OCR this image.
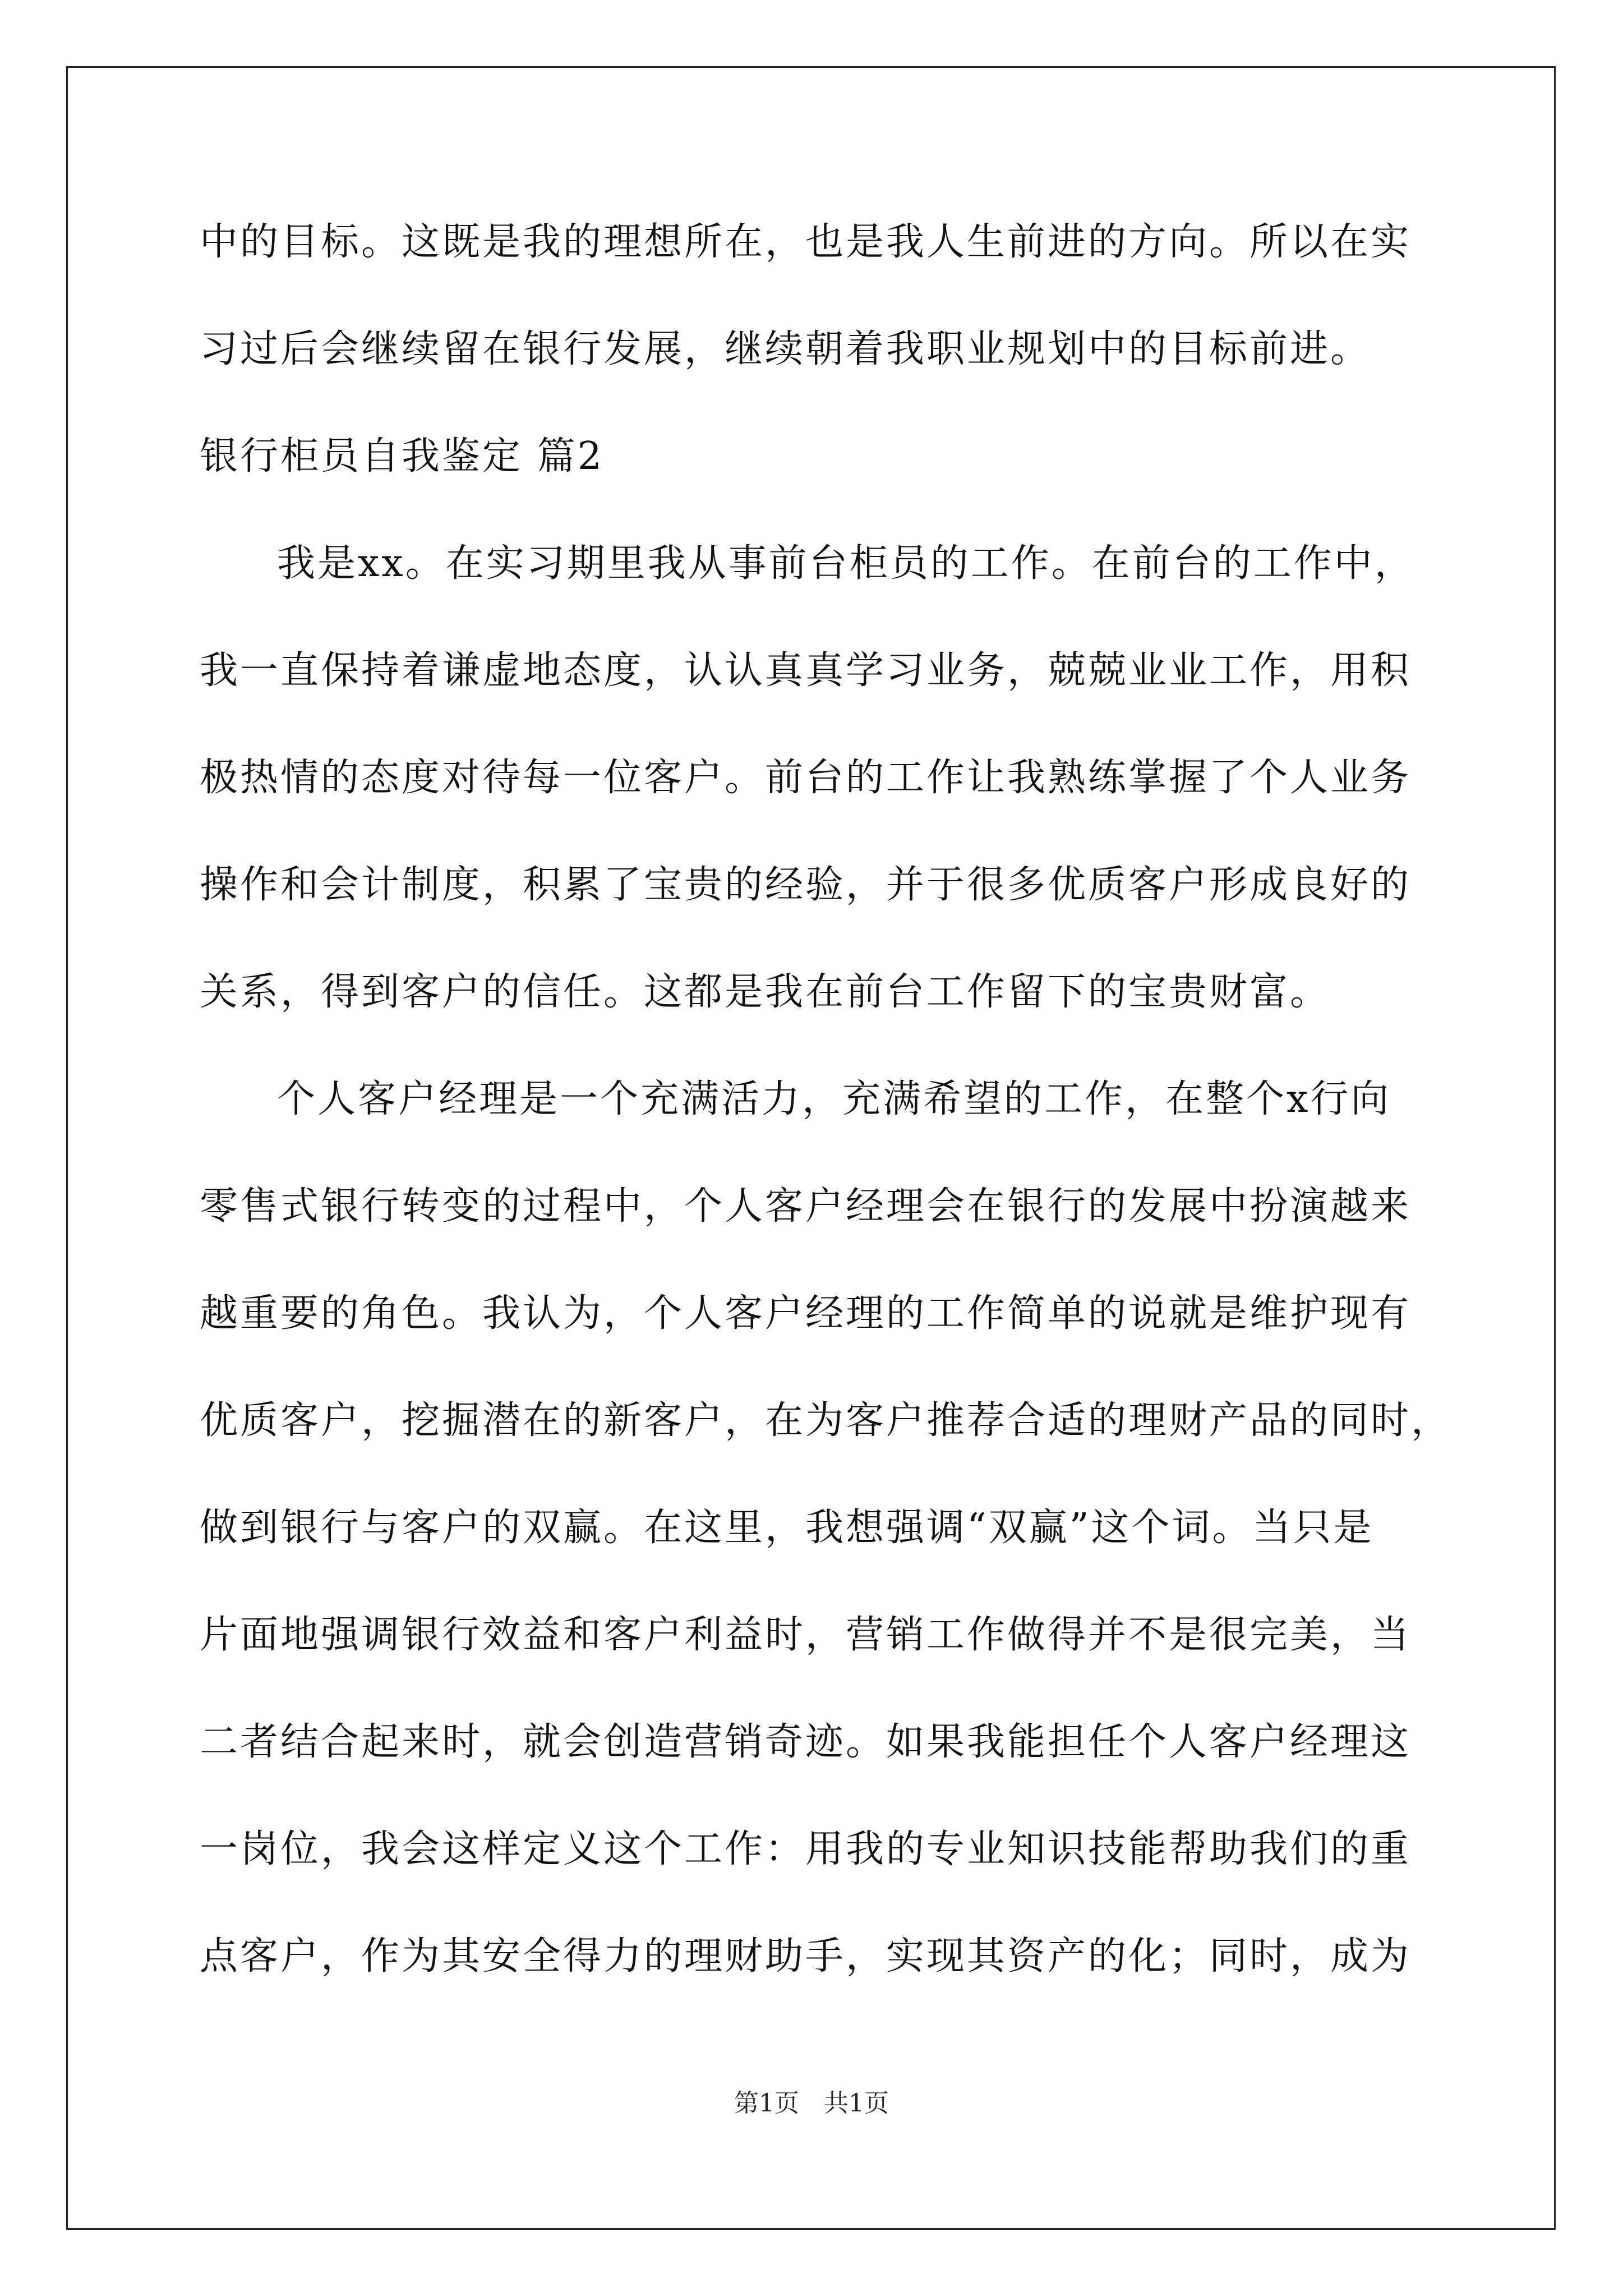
中的目标。这既是我的理想所在，也是我人生前进的方向。所以在实
习过后会继续留在银行发展，继续朝着我职业规划中的目标前进。
银行柜员自我鉴定 篇2
我是xx。在实习期里我从事前台柜员的工作。在前台的工作中，
我一直保持着谦虚地态度，认认真真学习业务，兢兢业业工作，用积
极热情的态度对待每一位客户。前台的工作让我熟练掌握了个人业务
操作和会计制度，积累了宝贵的经验，并于很多优质客户形成良好的
关系，得到客户的信任。这都是我在前台工作留下的宝贵财富。
个人客户经理是一个充满活力，充满希望的工作，在整个x行向
零售式银行转变的过程中，个人客户经理会在银行的发展中扮演越来
越重要的角色。我认为，个人客户经理的工作简单的说就是维护现有
优质客户，挖掘潜在的新客户，在为客户推荐合适的理财产品的同时，
做到银行与客户的双赢。在这里，我想强调“双赢”这个词。当只是
片面地强调银行效益和客户利益时，营销工作做得并不是很完美，当
二者结合起来时，就会创造营销奇迹。如果我能担任个人客户经理这
一岗位，我会这样定义这个工作：用我的专业知识技能帮助我们的重
点客户，作为其安全得力的理财助手，实现其资产的化；同时，成为
第1页　共1页
